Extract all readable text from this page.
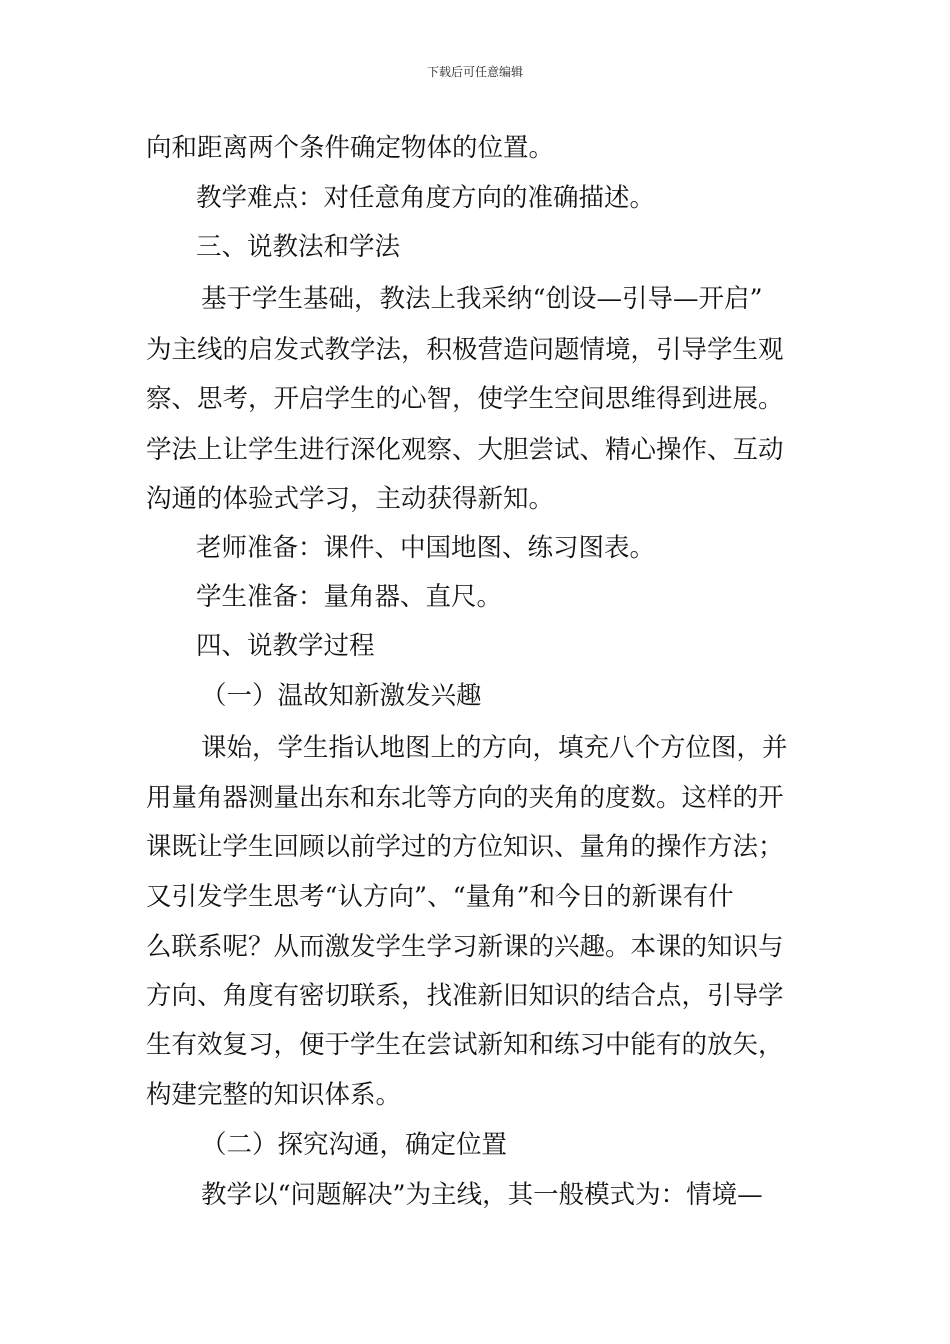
下载后可任意编辑
向和距离两个条件确定物体的位置。
教学难点：对任意角度方向的准确描述。
三、说教法和学法
基于学生基础，教法上我采纳“创设—引导—开启”
为主线的启发式教学法，积极营造问题情境，引导学生观
察、思考，开启学生的心智，使学生空间思维得到进展。
学法上让学生进行深化观察、大胆尝试、精心操作、互动
沟通的体验式学习，主动获得新知。
老师准备：课件、中国地图、练习图表。
学生准备：量角器、直尺。
四、说教学过程
（一）温故知新激发兴趣
课始，学生指认地图上的方向，填充八个方位图，并
用量角器测量出东和东北等方向的夹角的度数。这样的开
课既让学生回顾以前学过的方位知识、量角的操作方法；
又引发学生思考“认方向”、“量角”和今日的新课有什
么联系呢？从而激发学生学习新课的兴趣。本课的知识与
方向、角度有密切联系，找准新旧知识的结合点，引导学
生有效复习，便于学生在尝试新知和练习中能有的放矢，
构建完整的知识体系。
（二）探究沟通，确定位置
教学以“问题解决”为主线，其一般模式为：情境—
